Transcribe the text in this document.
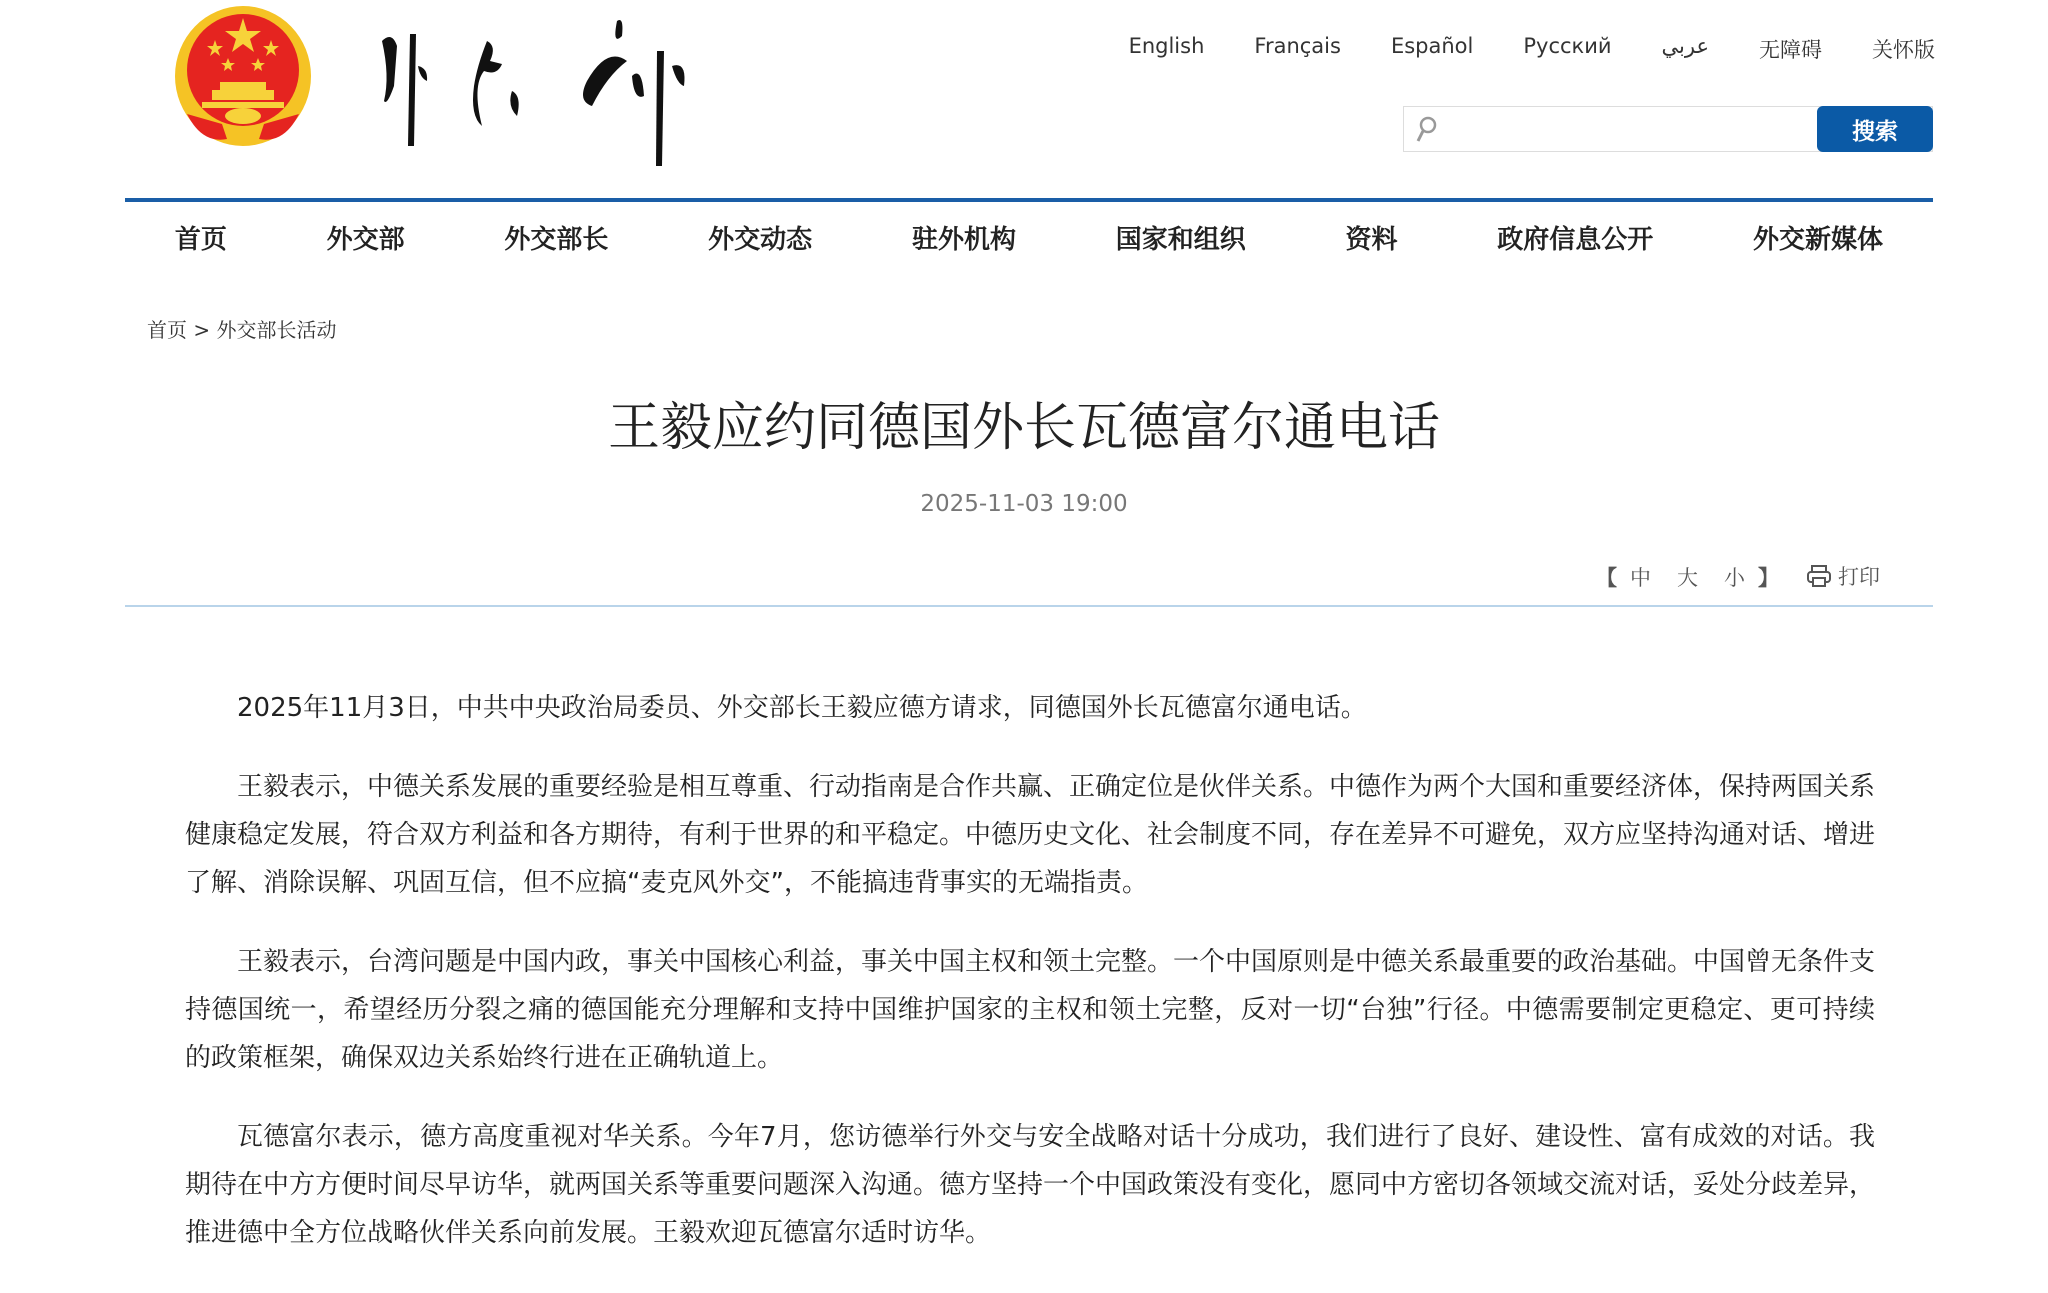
English Français Español Русский عربي 无障碍 关怀版
搜索
首页	外交部	外交部长	外交动态	驻外机构	国家和组织	资料	政府信息公开	外交新媒体
首页 > 外交部长活动
王毅应约同德国外长瓦德富尔通电话
2025-11-03 19:00
【 中 大 小 】	打印

2025年11月3日，中共中央政治局委员、外交部长王毅应德方请求，同德国外长瓦德富尔通电话。

王毅表示，中德关系发展的重要经验是相互尊重、行动指南是合作共赢、正确定位是伙伴关系。中德作为两个大国和重要经济体，保持两国关系健康稳定发展，符合双方利益和各方期待，有利于世界的和平稳定。中德历史文化、社会制度不同，存在差异不可避免，双方应坚持沟通对话、增进了解、消除误解、巩固互信，但不应搞“麦克风外交”，不能搞违背事实的无端指责。

王毅表示，台湾问题是中国内政，事关中国核心利益，事关中国主权和领土完整。一个中国原则是中德关系最重要的政治基础。中国曾无条件支持德国统一，希望经历分裂之痛的德国能充分理解和支持中国维护国家的主权和领土完整，反对一切“台独”行径。中德需要制定更稳定、更可持续的政策框架，确保双边关系始终行进在正确轨道上。

瓦德富尔表示，德方高度重视对华关系。今年7月，您访德举行外交与安全战略对话十分成功，我们进行了良好、建设性、富有成效的对话。我期待在中方方便时间尽早访华，就两国关系等重要问题深入沟通。德方坚持一个中国政策没有变化，愿同中方密切各领域交流对话，妥处分歧差异，推进德中全方位战略伙伴关系向前发展。王毅欢迎瓦德富尔适时访华。
